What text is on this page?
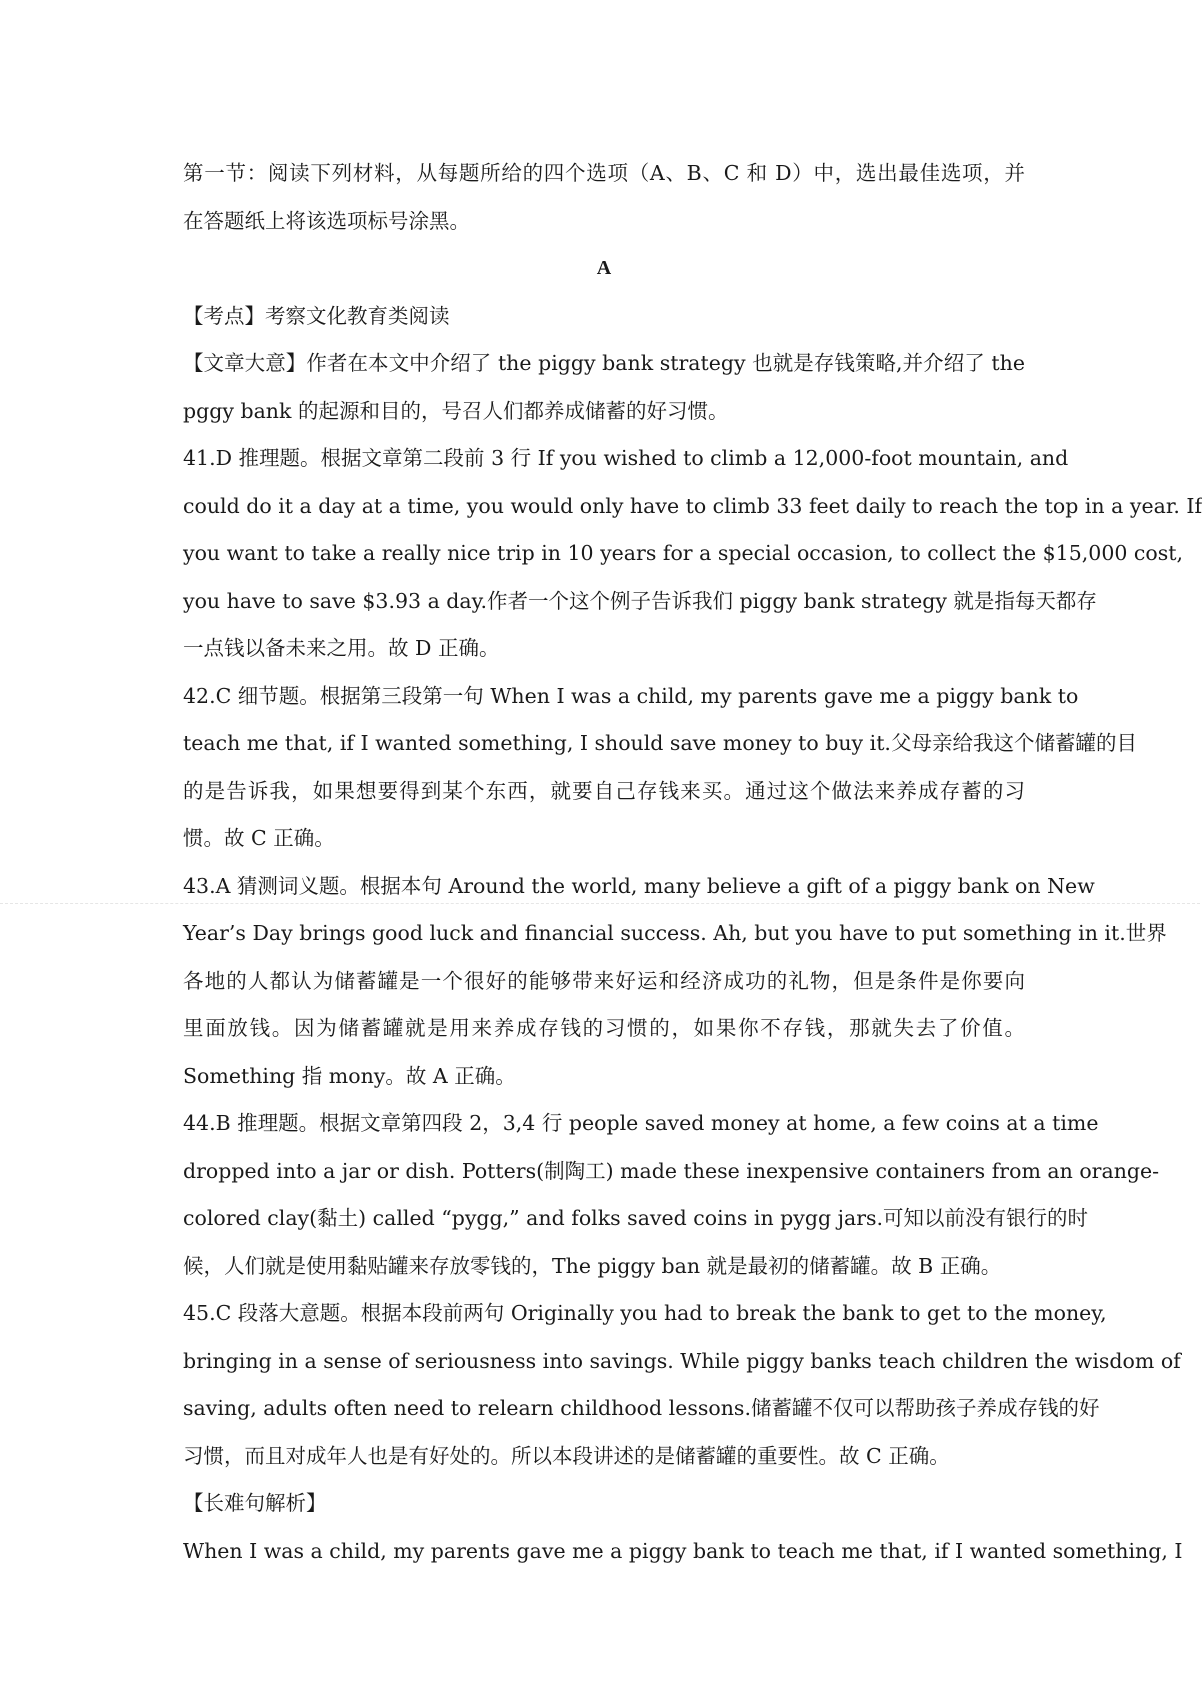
第一节：阅读下列材料，从每题所给的四个选项（A、B、C 和 D）中，选出最佳选项，并
在答题纸上将该选项标号涂黑。
A
【考点】考察文化教育类阅读
【文章大意】作者在本文中介绍了 the piggy bank strategy 也就是存钱策略,并介绍了 the
pggy bank 的起源和目的，号召人们都养成储蓄的好习惯。
41.D 推理题。根据文章第二段前 3 行 If you wished to climb a 12,000-foot mountain, and
could do it a day at a time, you would only have to climb 33 feet daily to reach the top in a year. If
you want to take a really nice trip in 10 years for a special occasion, to collect the $15,000 cost,
you have to save $3.93 a day.作者一个这个例子告诉我们 piggy bank strategy 就是指每天都存
一点钱以备未来之用。故 D 正确。
42.C 细节题。根据第三段第一句 When I was a child, my parents gave me a piggy bank to
teach me that, if I wanted something, I should save money to buy it.父母亲给我这个储蓄罐的目
的是告诉我，如果想要得到某个东西，就要自己存钱来买。通过这个做法来养成存蓄的习
惯。故 C 正确。
43.A 猜测词义题。根据本句 Around the world, many believe a gift of a piggy bank on New
Year’s Day brings good luck and financial success. Ah, but you have to put something in it.世界
各地的人都认为储蓄罐是一个很好的能够带来好运和经济成功的礼物，但是条件是你要向
里面放钱。因为储蓄罐就是用来养成存钱的习惯的，如果你不存钱，那就失去了价值。
Something 指 mony。故 A 正确。
44.B 推理题。根据文章第四段 2，3,4 行 people saved money at home, a few coins at a time
dropped into a jar or dish. Potters(制陶工) made these inexpensive containers from an orange-
colored clay(黏土) called “pygg,” and folks saved coins in pygg jars.可知以前没有银行的时
候，人们就是使用黏贴罐来存放零钱的，The piggy ban 就是最初的储蓄罐。故 B 正确。
45.C 段落大意题。根据本段前两句 Originally you had to break the bank to get to the money,
bringing in a sense of seriousness into savings. While piggy banks teach children the wisdom of
saving, adults often need to relearn childhood lessons.储蓄罐不仅可以帮助孩子养成存钱的好
习惯，而且对成年人也是有好处的。所以本段讲述的是储蓄罐的重要性。故 C 正确。
【长难句解析】
When I was a child, my parents gave me a piggy bank to teach me that, if I wanted something, I
